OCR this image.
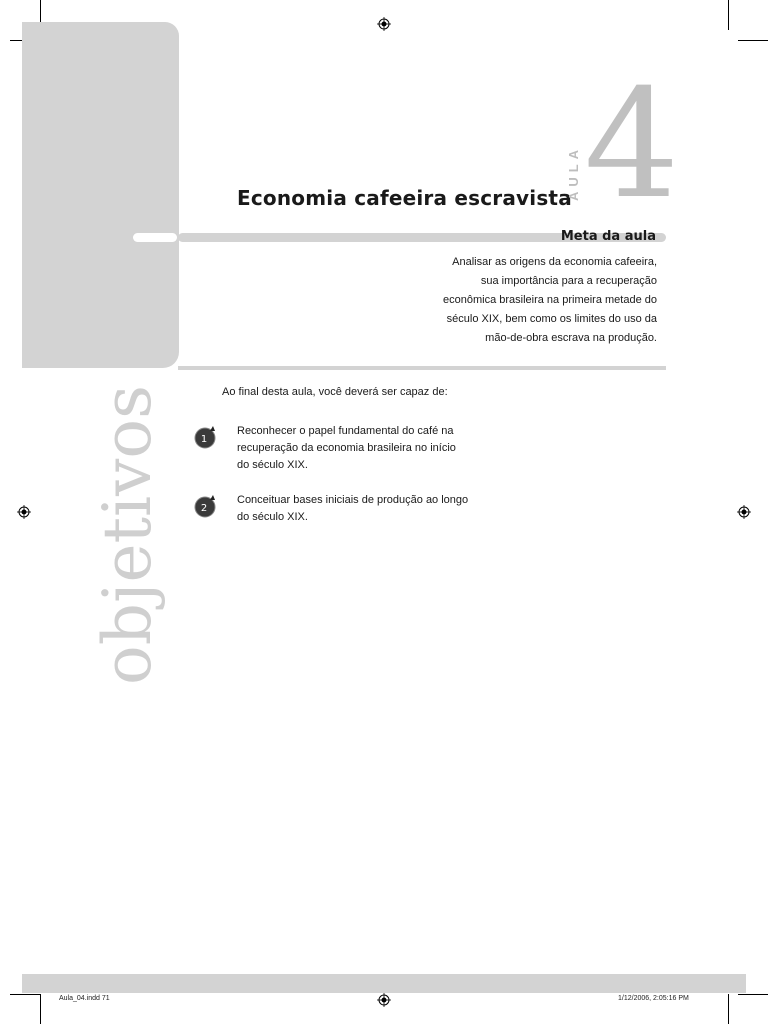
Economia cafeeira escravista
AULA 4
Meta da aula
Analisar as origens da economia cafeeira,
sua importância para a recuperação
econômica brasileira na primeira metade do
século XIX, bem como os limites do uso da
mão-de-obra escrava na produção.
objetivos	Ao final desta aula, você deverá ser capaz de:
1
Reconhecer o papel fundamental do café na
recuperação da economia brasileira no início
do século XIX.
2
Conceituar bases iniciais de produção ao longo
do século XIX.
Aula_04.indd 71	1/12/2006, 2:05:16 PM
